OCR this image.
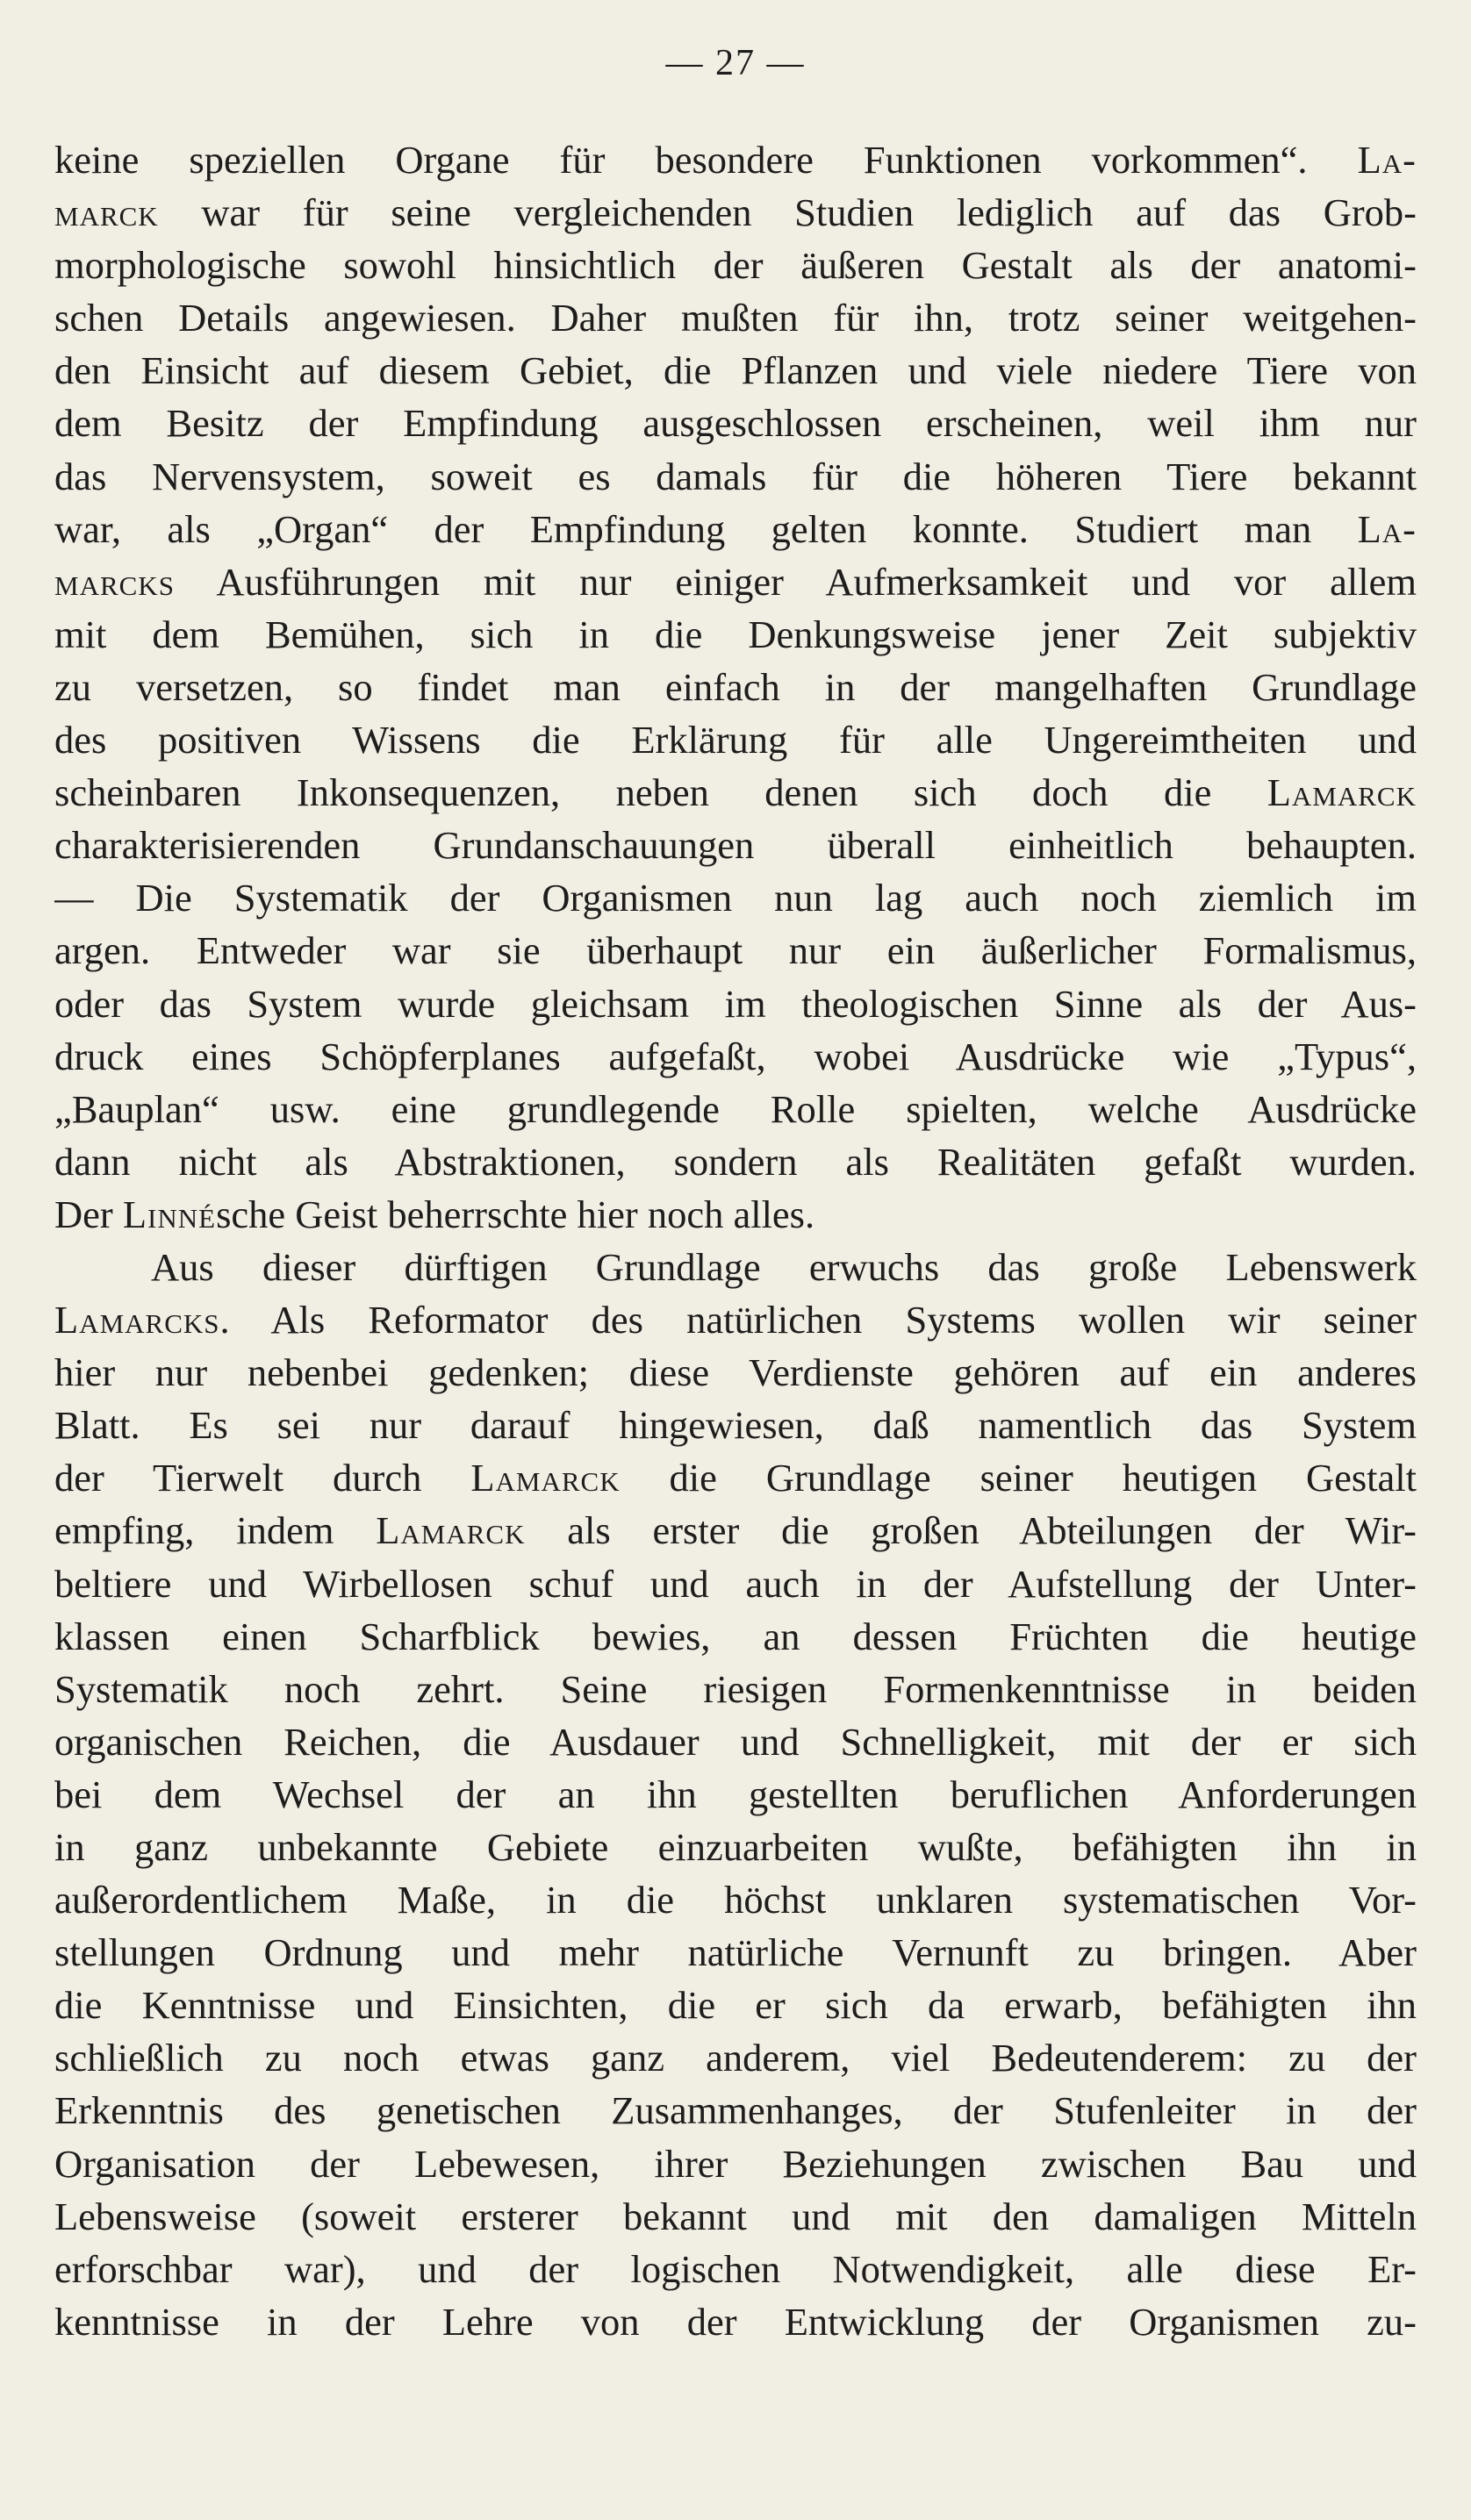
— 27 —
keine speziellen Organe für besondere Funktionen vorkommen“. La-
marck war für seine vergleichenden Studien lediglich auf das Grob-
morphologische sowohl hinsichtlich der äußeren Gestalt als der anatomi-
schen Details angewiesen. Daher mußten für ihn, trotz seiner weitgehen-
den Einsicht auf diesem Gebiet, die Pflanzen und viele niedere Tiere von
dem Besitz der Empfindung ausgeschlossen erscheinen, weil ihm nur
das Nervensystem, soweit es damals für die höheren Tiere bekannt
war, als „Organ“ der Empfindung gelten konnte. Studiert man La-
marcks Ausführungen mit nur einiger Aufmerksamkeit und vor allem
mit dem Bemühen, sich in die Denkungsweise jener Zeit subjektiv
zu versetzen, so findet man einfach in der mangelhaften Grundlage
des positiven Wissens die Erklärung für alle Ungereimtheiten und
scheinbaren Inkonsequenzen, neben denen sich doch die Lamarck
charakterisierenden Grundanschauungen überall einheitlich behaupten.
— Die Systematik der Organismen nun lag auch noch ziemlich im
argen. Entweder war sie überhaupt nur ein äußerlicher Formalismus,
oder das System wurde gleichsam im theologischen Sinne als der Aus-
druck eines Schöpferplanes aufgefaßt, wobei Ausdrücke wie „Typus“,
„Bauplan“ usw. eine grundlegende Rolle spielten, welche Ausdrücke
dann nicht als Abstraktionen, sondern als Realitäten gefaßt wurden.
Der Linnésche Geist beherrschte hier noch alles.
Aus dieser dürftigen Grundlage erwuchs das große Lebenswerk
Lamarcks. Als Reformator des natürlichen Systems wollen wir seiner
hier nur nebenbei gedenken; diese Verdienste gehören auf ein anderes
Blatt. Es sei nur darauf hingewiesen, daß namentlich das System
der Tierwelt durch Lamarck die Grundlage seiner heutigen Gestalt
empfing, indem Lamarck als erster die großen Abteilungen der Wir-
beltiere und Wirbellosen schuf und auch in der Aufstellung der Unter-
klassen einen Scharfblick bewies, an dessen Früchten die heutige
Systematik noch zehrt. Seine riesigen Formenkenntnisse in beiden
organischen Reichen, die Ausdauer und Schnelligkeit, mit der er sich
bei dem Wechsel der an ihn gestellten beruflichen Anforderungen
in ganz unbekannte Gebiete einzuarbeiten wußte, befähigten ihn in
außerordentlichem Maße, in die höchst unklaren systematischen Vor-
stellungen Ordnung und mehr natürliche Vernunft zu bringen. Aber
die Kenntnisse und Einsichten, die er sich da erwarb, befähigten ihn
schließlich zu noch etwas ganz anderem, viel Bedeutenderem: zu der
Erkenntnis des genetischen Zusammenhanges, der Stufenleiter in der
Organisation der Lebewesen, ihrer Beziehungen zwischen Bau und
Lebensweise (soweit ersterer bekannt und mit den damaligen Mitteln
erforschbar war), und der logischen Notwendigkeit, alle diese Er-
kenntnisse in der Lehre von der Entwicklung der Organismen zu-
